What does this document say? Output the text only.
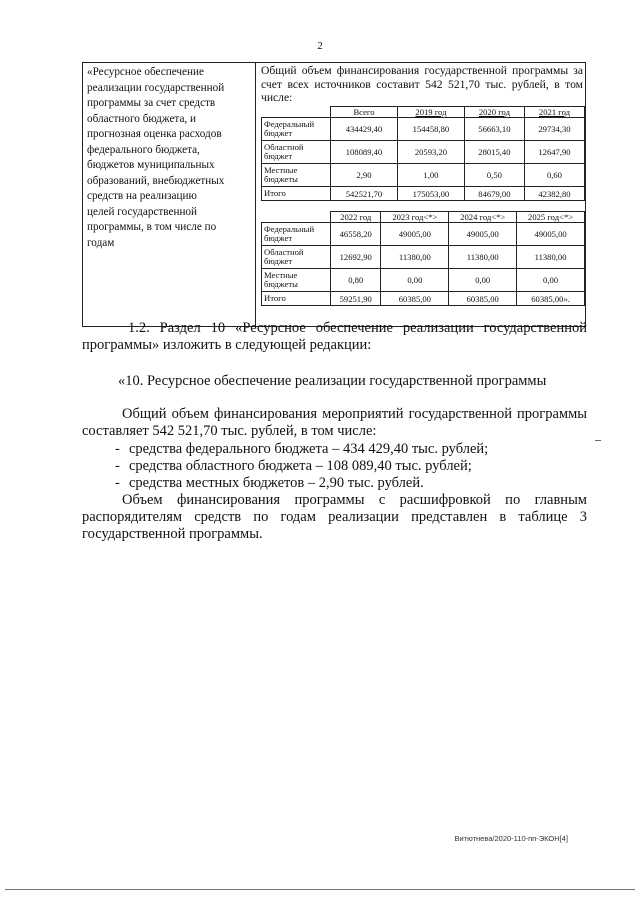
2
«Ресурсное обеспечение
реализации государственной
программы за счет средств
областного бюджета, и
прогнозная оценка расходов
федерального бюджета,
бюджетов муниципальных
образований, внебюджетных
средств на реализацию
целей государственной
программы, в том числе по
годам
Общий объем финансирования государственной программы за счет всех источников составит 542 521,70 тыс. рублей, в том числе:
	Всего	2019 год	2020 год	2021 год
Федеральный бюджет	434429,40	154458,80	56663,10	29734,30
Областной бюджет	108089,40	20593,20	28015,40	12647,90
Местные бюджеты	2,90	1,00	0,50	0,60
Итого	542521,70	175053,00	84679,00	42382,80
	2022 год	2023 год<*>	2024 год<*>	2025 год<*>
Федеральный бюджет	46558,20	49005,00	49005,00	49005,00
Областной бюджет	12692,90	11380,00	11380,00	11380,00
Местные бюджеты	0,80	0,00	0,00	0,00
Итого	59251,90	60385,00	60385,00	60385,00».
1.2. Раздел 10 «Ресурсное обеспечение реализации государственной программы» изложить в следующей редакции:
«10. Ресурсное обеспечение реализации государственной программы
Общий объем финансирования мероприятий государственной программы составляет 542 521,70 тыс. рублей, в том числе:
- средства федерального бюджета – 434 429,40 тыс. рублей;
- средства областного бюджета – 108 089,40 тыс. рублей;
- средства местных бюджетов – 2,90 тыс. рублей.
Объем финансирования программы с расшифровкой по главным распорядителям средств по годам реализации представлен в таблице 3 государственной программы.
Витютнева/2020-110-пп-ЭКОН[4]
